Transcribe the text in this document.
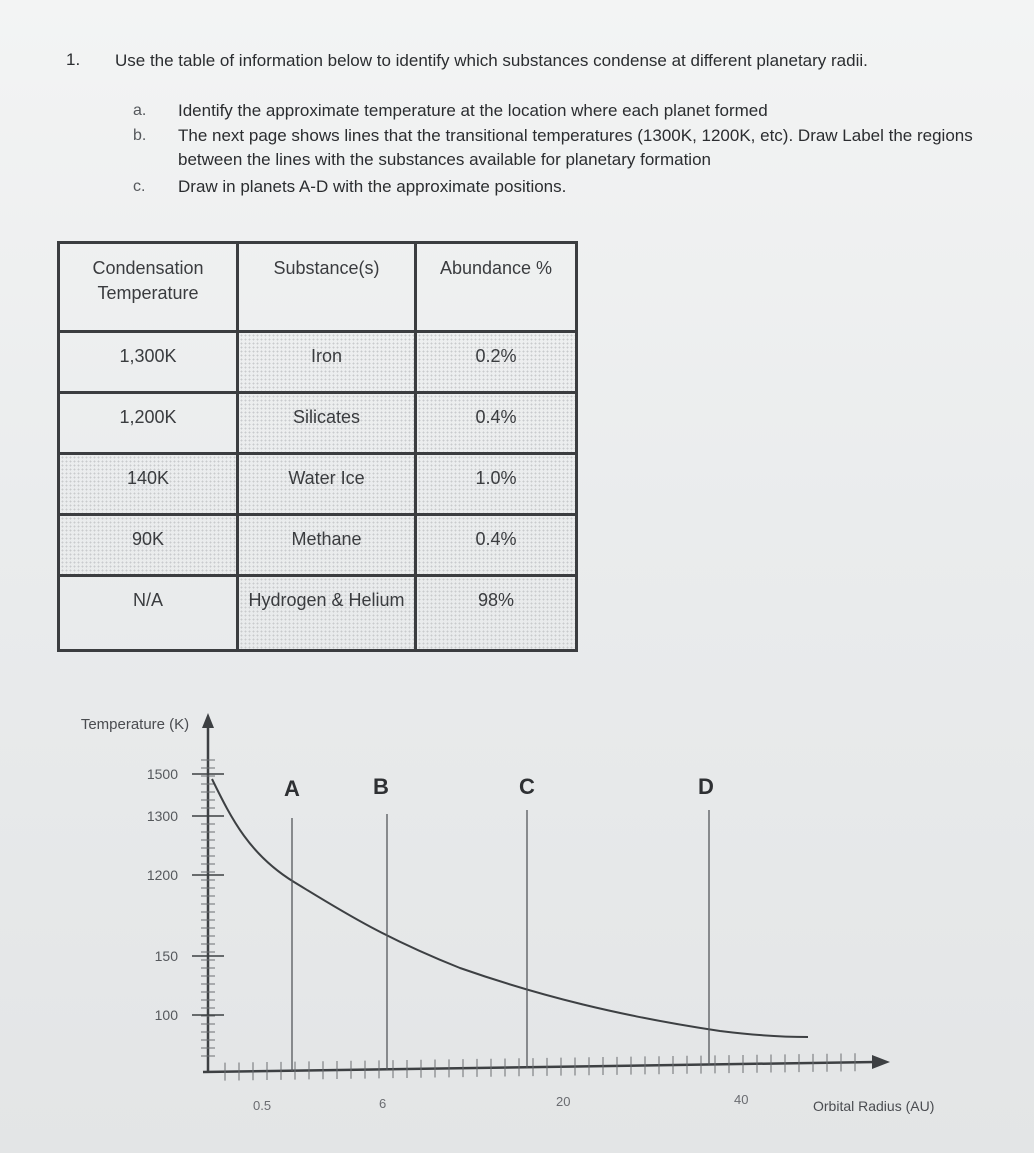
1. Use the table of information below to identify which substances condense at different planetary radii.
a. Identify the approximate temperature at the location where each planet formed
b. The next page shows lines that the transitional temperatures (1300K, 1200K, etc). Draw Label the regions between the lines with the substances available for planetary formation
c. Draw in planets A-D with the approximate positions.
Condensation Temperature	Substance(s)	Abundance %
1,300K	Iron	0.2%
1,200K	Silicates	0.4%
140K	Water Ice	1.0%
90K	Methane	0.4%
N/A	Hydrogen & Helium	98%
Temperature (K)
1500
1300
1200
150
100
0.5	6	20	40
A	B	C	D
Orbital Radius (AU)
